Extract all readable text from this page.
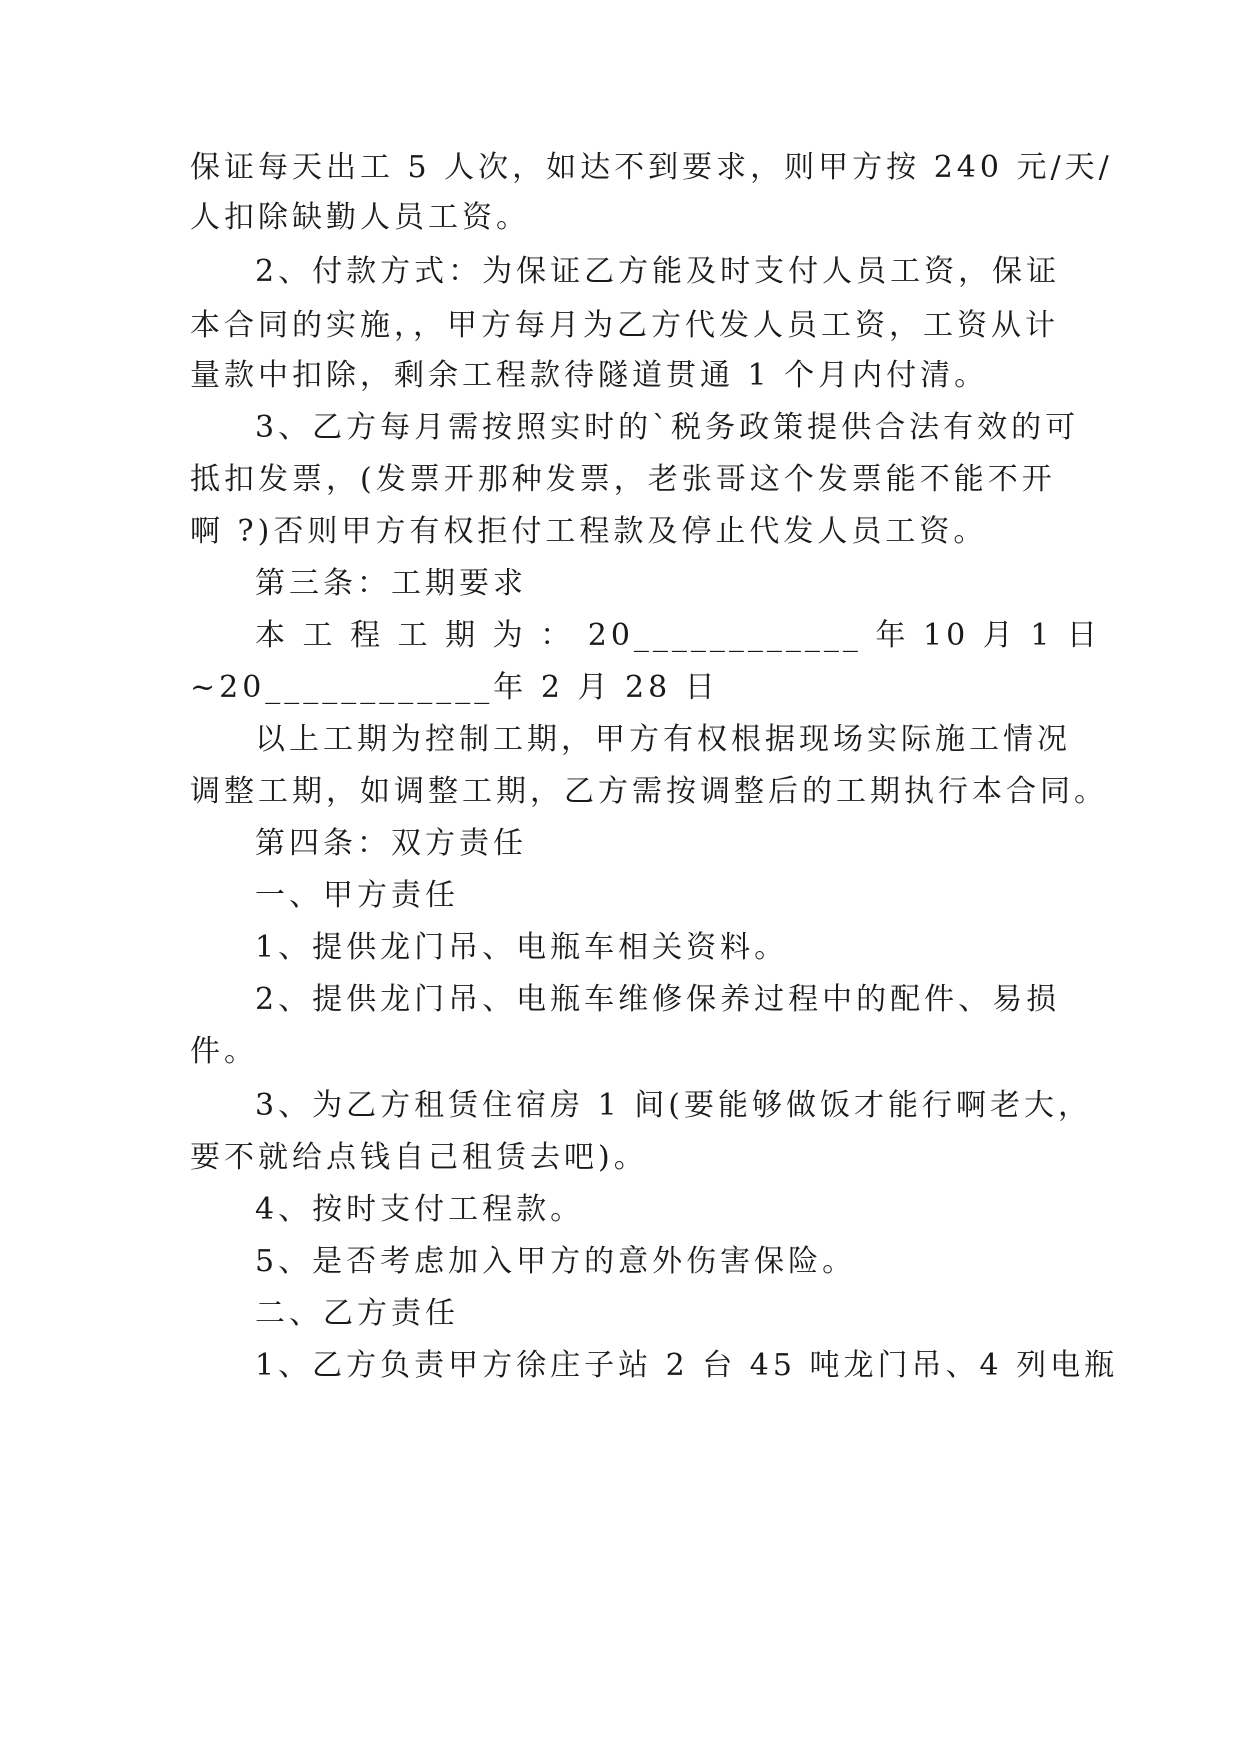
保证每天出工 5 人次，如达不到要求，则甲方按 240 元/天/
人扣除缺勤人员工资。
2、付款方式：为保证乙方能及时支付人员工资，保证
本合同的实施，，甲方每月为乙方代发人员工资，工资从计
量款中扣除，剩余工程款待隧道贯通 1 个月内付清。
3、乙方每月需按照实时的`税务政策提供合法有效的可
抵扣发票，(发票开那种发票，老张哥这个发票能不能不开
啊 ?)否则甲方有权拒付工程款及停止代发人员工资。
第三条：工期要求
本 工 程 工 期 为 ： 20____________ 年 10 月 1 日
~20____________年 2 月 28 日
以上工期为控制工期，甲方有权根据现场实际施工情况
调整工期，如调整工期，乙方需按调整后的工期执行本合同。
第四条：双方责任
一、甲方责任
1、提供龙门吊、电瓶车相关资料。
2、提供龙门吊、电瓶车维修保养过程中的配件、易损
件。
3、为乙方租赁住宿房 1 间(要能够做饭才能行啊老大，
要不就给点钱自己租赁去吧)。
4、按时支付工程款。
5、是否考虑加入甲方的意外伤害保险。
二、乙方责任
1、乙方负责甲方徐庄子站 2 台 45 吨龙门吊、4 列电瓶
